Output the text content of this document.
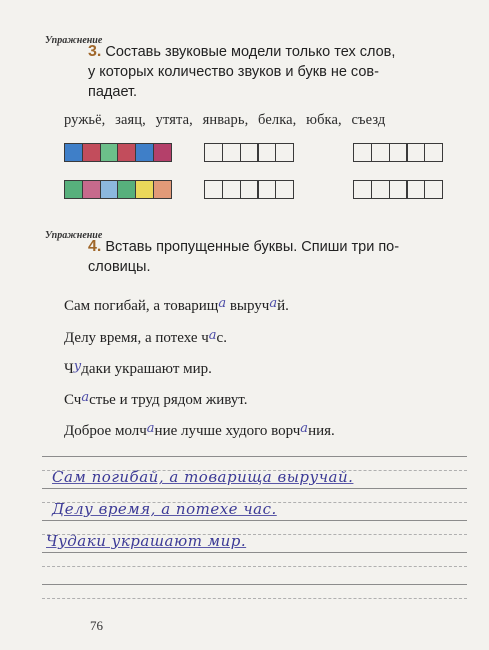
Упражнение
3. Составь звуковые модели только тех слов,
у которых количество звуков и букв не сов-
падает.
ружьё, заяц, утята, январь, белка, юбка, съезд
Упражнение
4. Вставь пропущенные буквы. Спиши три по-
словицы.
Сам погибай, а товарища выручай.
Делу время, а потехе час.
Чудаки украшают мир.
Счастье и труд рядом живут.
Доброе молчание лучше худого ворчания.
Сам погибай, а товарища выручай.
Делу время, а потехе час.
Чудаки украшают мир.
76
